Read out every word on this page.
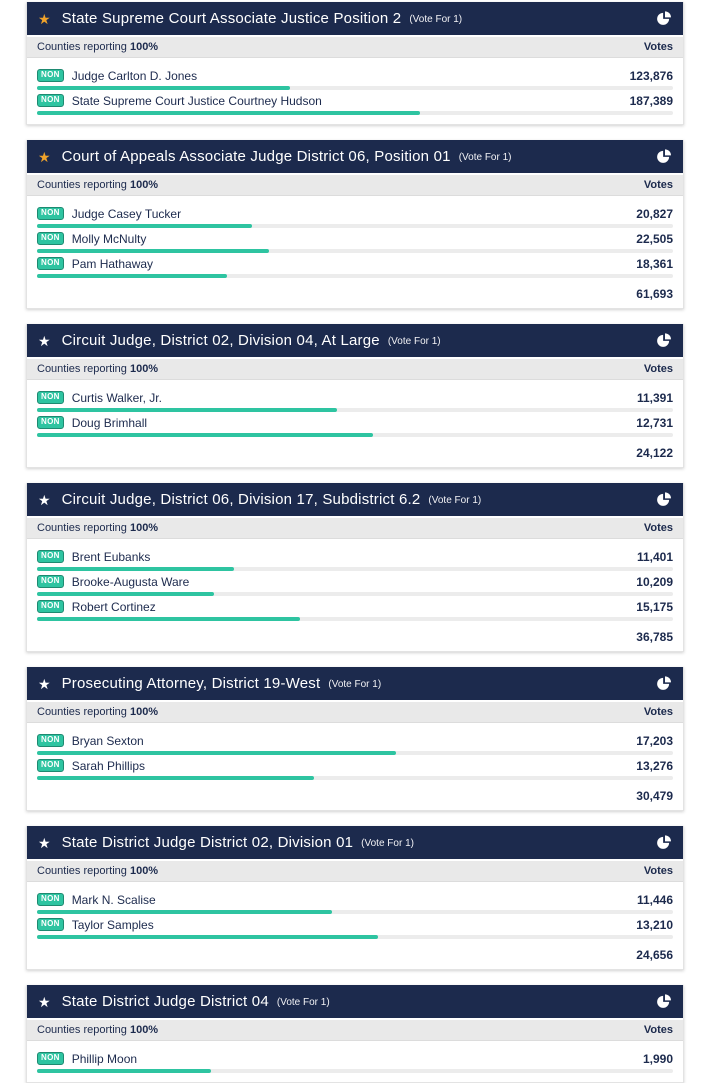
★ State Supreme Court Associate Justice Position 2 (Vote For 1)
Counties reporting 100%	Votes
NON	Judge Carlton D. Jones	123,876
NON	State Supreme Court Justice Courtney Hudson	187,389
★ Court of Appeals Associate Judge District 06, Position 01 (Vote For 1)
Counties reporting 100%	Votes
NON	Judge Casey Tucker	20,827
NON	Molly McNulty	22,505
NON	Pam Hathaway	18,361
61,693
★ Circuit Judge, District 02, Division 04, At Large (Vote For 1)
Counties reporting 100%	Votes
NON	Curtis Walker, Jr.	11,391
NON	Doug Brimhall	12,731
24,122
★ Circuit Judge, District 06, Division 17, Subdistrict 6.2 (Vote For 1)
Counties reporting 100%	Votes
NON	Brent Eubanks	11,401
NON	Brooke-Augusta Ware	10,209
NON	Robert Cortinez	15,175
36,785
★ Prosecuting Attorney, District 19-West (Vote For 1)
Counties reporting 100%	Votes
NON	Bryan Sexton	17,203
NON	Sarah Phillips	13,276
30,479
★ State District Judge District 02, Division 01 (Vote For 1)
Counties reporting 100%	Votes
NON	Mark N. Scalise	11,446
NON	Taylor Samples	13,210
24,656
★ State District Judge District 04 (Vote For 1)
Counties reporting 100%	Votes
NON	Phillip Moon	1,990
